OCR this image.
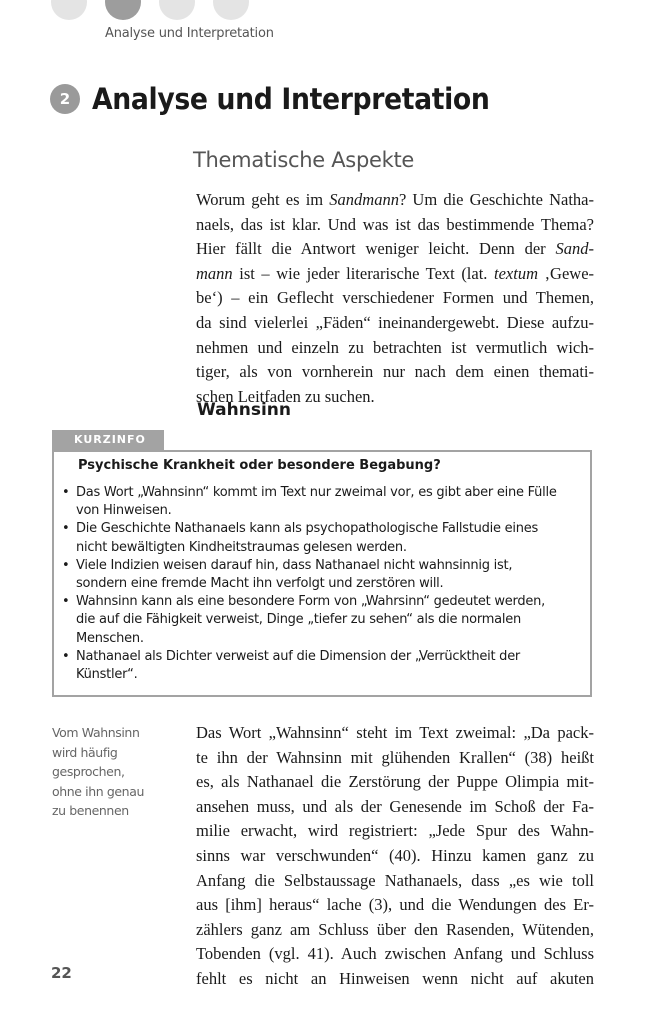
Analyse und Interpretation
2 Analyse und Interpretation
Thematische Aspekte
Worum geht es im Sandmann? Um die Geschichte Natha-
naels, das ist klar. Und was ist das bestimmende Thema?
Hier fällt die Antwort weniger leicht. Denn der Sand-
mann ist – wie jeder literarische Text (lat. textum ‚Gewe-
be‘) – ein Geflecht verschiedener Formen und Themen,
da sind vielerlei „Fäden“ ineinandergewebt. Diese aufzu-
nehmen und einzeln zu betrachten ist vermutlich wich-
tiger, als von vornherein nur nach dem einen themati-
schen Leitfaden zu suchen.
Wahnsinn
KURZINFO
Psychische Krankheit oder besondere Begabung?
• Das Wort „Wahnsinn“ kommt im Text nur zweimal vor, es gibt aber eine Fülle
von Hinweisen.
• Die Geschichte Nathanaels kann als psychopathologische Fallstudie eines
nicht bewältigten Kindheitstraumas gelesen werden.
• Viele Indizien weisen darauf hin, dass Nathanael nicht wahnsinnig ist,
sondern eine fremde Macht ihn verfolgt und zerstören will.
• Wahnsinn kann als eine besondere Form von „Wahrsinn“ gedeutet werden,
die auf die Fähigkeit verweist, Dinge „tiefer zu sehen“ als die normalen
Menschen.
• Nathanael als Dichter verweist auf die Dimension der „Verrücktheit der
Künstler“.
Vom Wahnsinn
wird häufig
gesprochen,
ohne ihn genau
zu benennen
Das Wort „Wahnsinn“ steht im Text zweimal: „Da pack-
te ihn der Wahnsinn mit glühenden Krallen“ (38) heißt
es, als Nathanael die Zerstörung der Puppe Olimpia mit-
ansehen muss, und als der Genesende im Schoß der Fa-
milie erwacht, wird registriert: „Jede Spur des Wahn-
sinns war verschwunden“ (40). Hinzu kamen ganz zu
Anfang die Selbstaussage Nathanaels, dass „es wie toll
aus [ihm] heraus“ lache (3), und die Wendungen des Er-
zählers ganz am Schluss über den Rasenden, Wütenden,
Tobenden (vgl. 41). Auch zwischen Anfang und Schluss
fehlt es nicht an Hinweisen wenn nicht auf akuten
22
